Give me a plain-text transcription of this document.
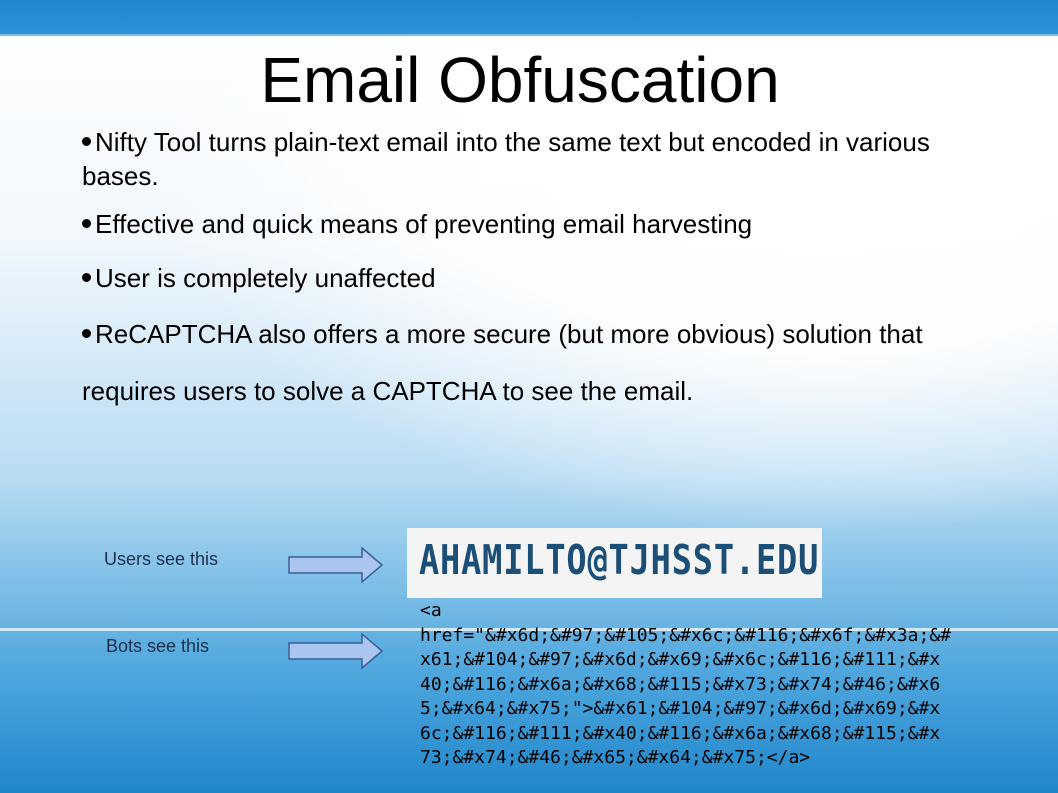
Email Obfuscation

Nifty Tool turns plain-text email into the same text but encoded in various bases.

Effective and quick means of preventing email harvesting

User is completely unaffected

ReCAPTCHA also offers a more secure (but more obvious) solution that requires users to solve a CAPTCHA to see the email.

Users see this
Bots see this
AHAMILTO@TJHSST.EDU
<a
href="&#x6d;&#97;&#105;&#x6c;&#116;&#x6f;&#x3a;&#
x61;&#104;&#97;&#x6d;&#x69;&#x6c;&#116;&#111;&#x
40;&#116;&#x6a;&#x68;&#115;&#x73;&#x74;&#46;&#x6
5;&#x64;&#x75;">&#x61;&#104;&#97;&#x6d;&#x69;&#x
6c;&#116;&#111;&#x40;&#116;&#x6a;&#x68;&#115;&#x
73;&#x74;&#46;&#x65;&#x64;&#x75;</a>
